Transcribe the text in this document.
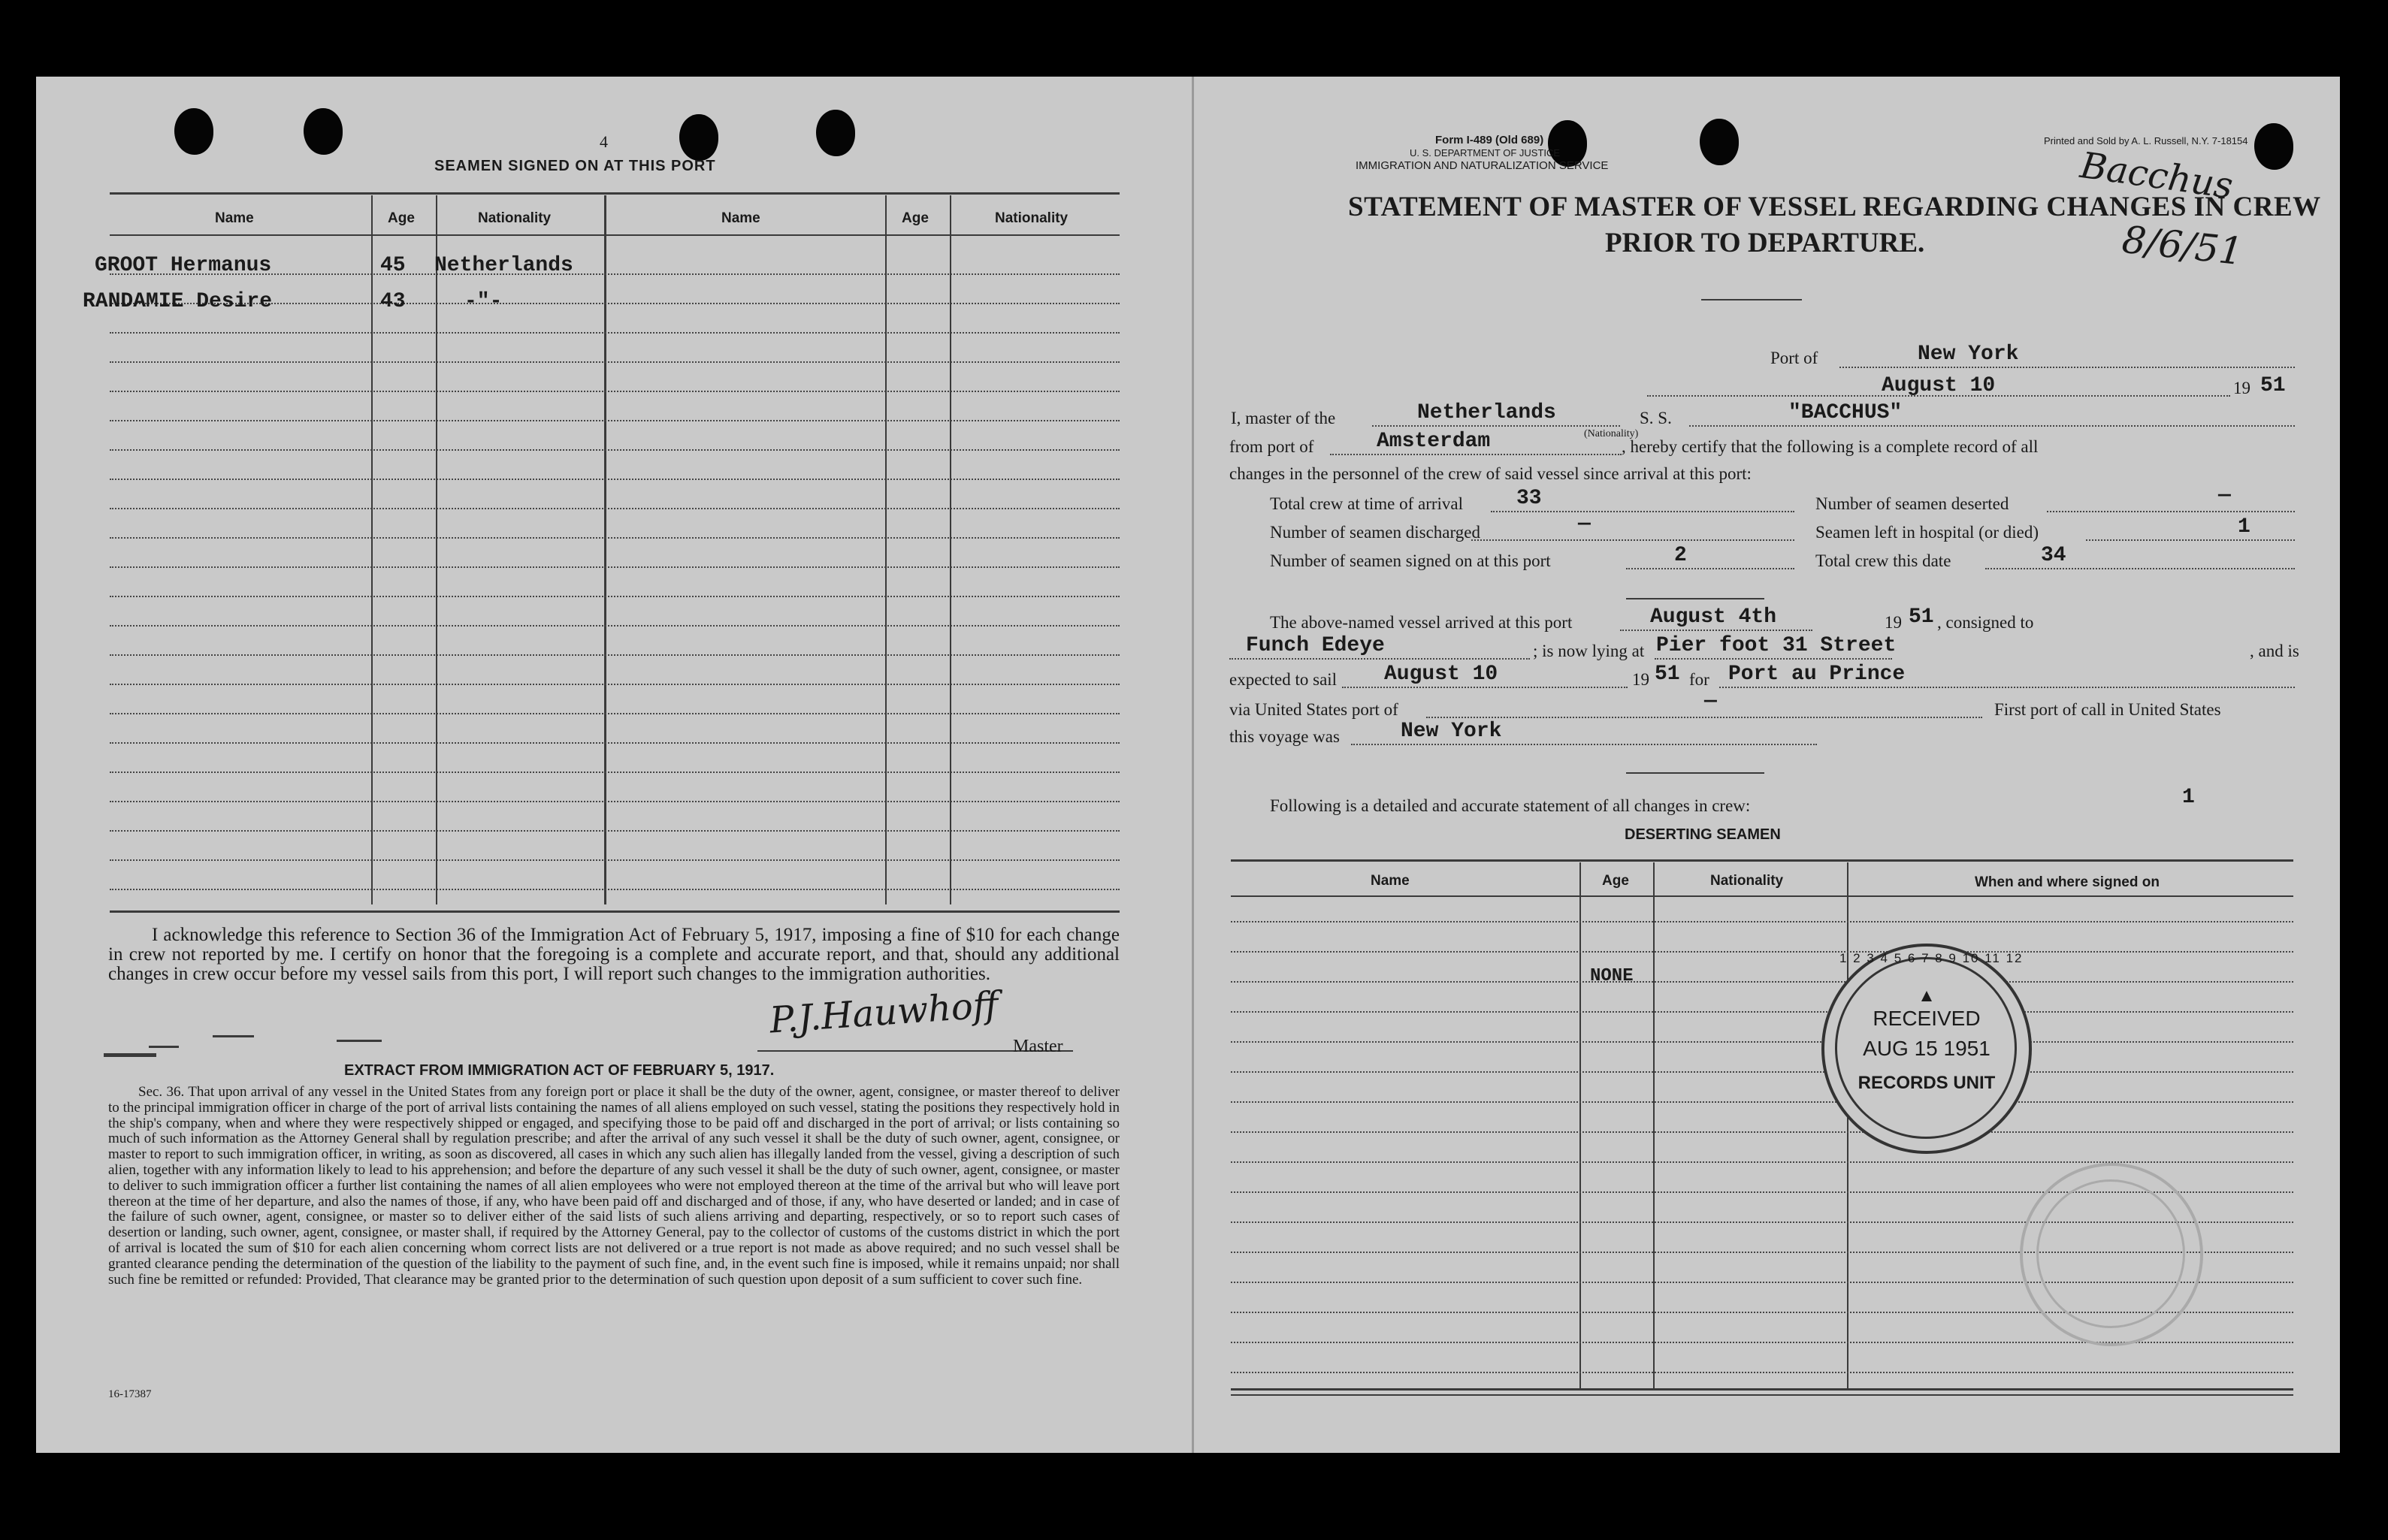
4
SEAMEN SIGNED ON AT THIS PORT
Name	Age	Nationality	Name	Age	Nationality
GROOT Hermanus	45 Netherlands
RANDAMIE Desire	43	-"-
I acknowledge this reference to Section 36 of the Immigration Act of February 5, 1917, imposing a fine of $10 for each change in crew not reported by me. I certify on honor that the foregoing is a complete and accurate report, and that, should any additional changes in crew occur before my vessel sails from this port, I will report such changes to the immigration authorities.
P.J.Hauwhoff
Master
EXTRACT FROM IMMIGRATION ACT OF FEBRUARY 5, 1917.
Sec. 36. That upon arrival of any vessel in the United States from any foreign port or place it shall be the duty of the owner, agent, consignee, or master thereof to deliver to the principal immigration officer in charge of the port of arrival lists containing the names of all aliens employed on such vessel, stating the positions they respectively hold in the ship's company, when and where they were respectively shipped or engaged, and specifying those to be paid off and discharged in the port of arrival; or lists containing so much of such information as the Attorney General shall by regulation prescribe; and after the arrival of any such vessel it shall be the duty of such owner, agent, consignee, or master to report to such immigration officer, in writing, as soon as discovered, all cases in which any such alien has illegally landed from the vessel, giving a description of such alien, together with any information likely to lead to his apprehension; and before the departure of any such vessel it shall be the duty of such owner, agent, consignee, or master to deliver to such immigration officer a further list containing the names of all alien employees who were not employed thereon at the time of the arrival but who will leave port thereon at the time of her departure, and also the names of those, if any, who have been paid off and discharged and of those, if any, who have deserted or landed; and in case of the failure of such owner, agent, consignee, or master so to deliver either of the said lists of such aliens arriving and departing, respectively, or so to report such cases of desertion or landing, such owner, agent, consignee, or master shall, if required by the Attorney General, pay to the collector of customs of the customs district in which the port of arrival is located the sum of $10 for each alien concerning whom correct lists are not delivered or a true report is not made as above required; and no such vessel shall be granted clearance pending the determination of the question of the liability to the payment of such fine, and, in the event such fine is imposed, while it remains unpaid; nor shall such fine be remitted or refunded: Provided, That clearance may be granted prior to the determination of such question upon deposit of a sum sufficient to cover such fine.
16-17387
Form I-489 (Old 689)
U. S. DEPARTMENT OF JUSTICE
IMMIGRATION AND NATURALIZATION SERVICE
Printed and Sold by A. L. Russell, N.Y. 7-18154
Bacchus
8/6/51
STATEMENT OF MASTER OF VESSEL REGARDING CHANGES IN CREW
PRIOR TO DEPARTURE.
Port of	New York
August 10	19 51
I, master of the	Netherlands
(Nationality)
S. S.	"BACCHUS"
from port of	Amsterdam	, hereby certify that the following is a complete record of all
changes in the personnel of the crew of said vessel since arrival at this port:
Total crew at time of arrival	33	Number of seamen deserted	—
Number of seamen discharged	—	Seamen left in hospital (or died)	1
Number of seamen signed on at this port	2	Total crew this date	34
The above-named vessel arrived at this port	August 4th	19 51 , consigned to
Funch Edeye	; is now lying at Pier foot 31 Street	, and is
expected to sail August 10	19 51 for Port au Prince
via United States port of	—	First port of call in United States
this voyage was	New York
Following is a detailed and accurate statement of all changes in crew:	1
DESERTING SEAMEN
Name	Age	Nationality	When and where signed on
NONE
1 2 3 4 5 6 7 8 9 10 11 12
▲
RECEIVED
AUG 15 1951
RECORDS UNIT
